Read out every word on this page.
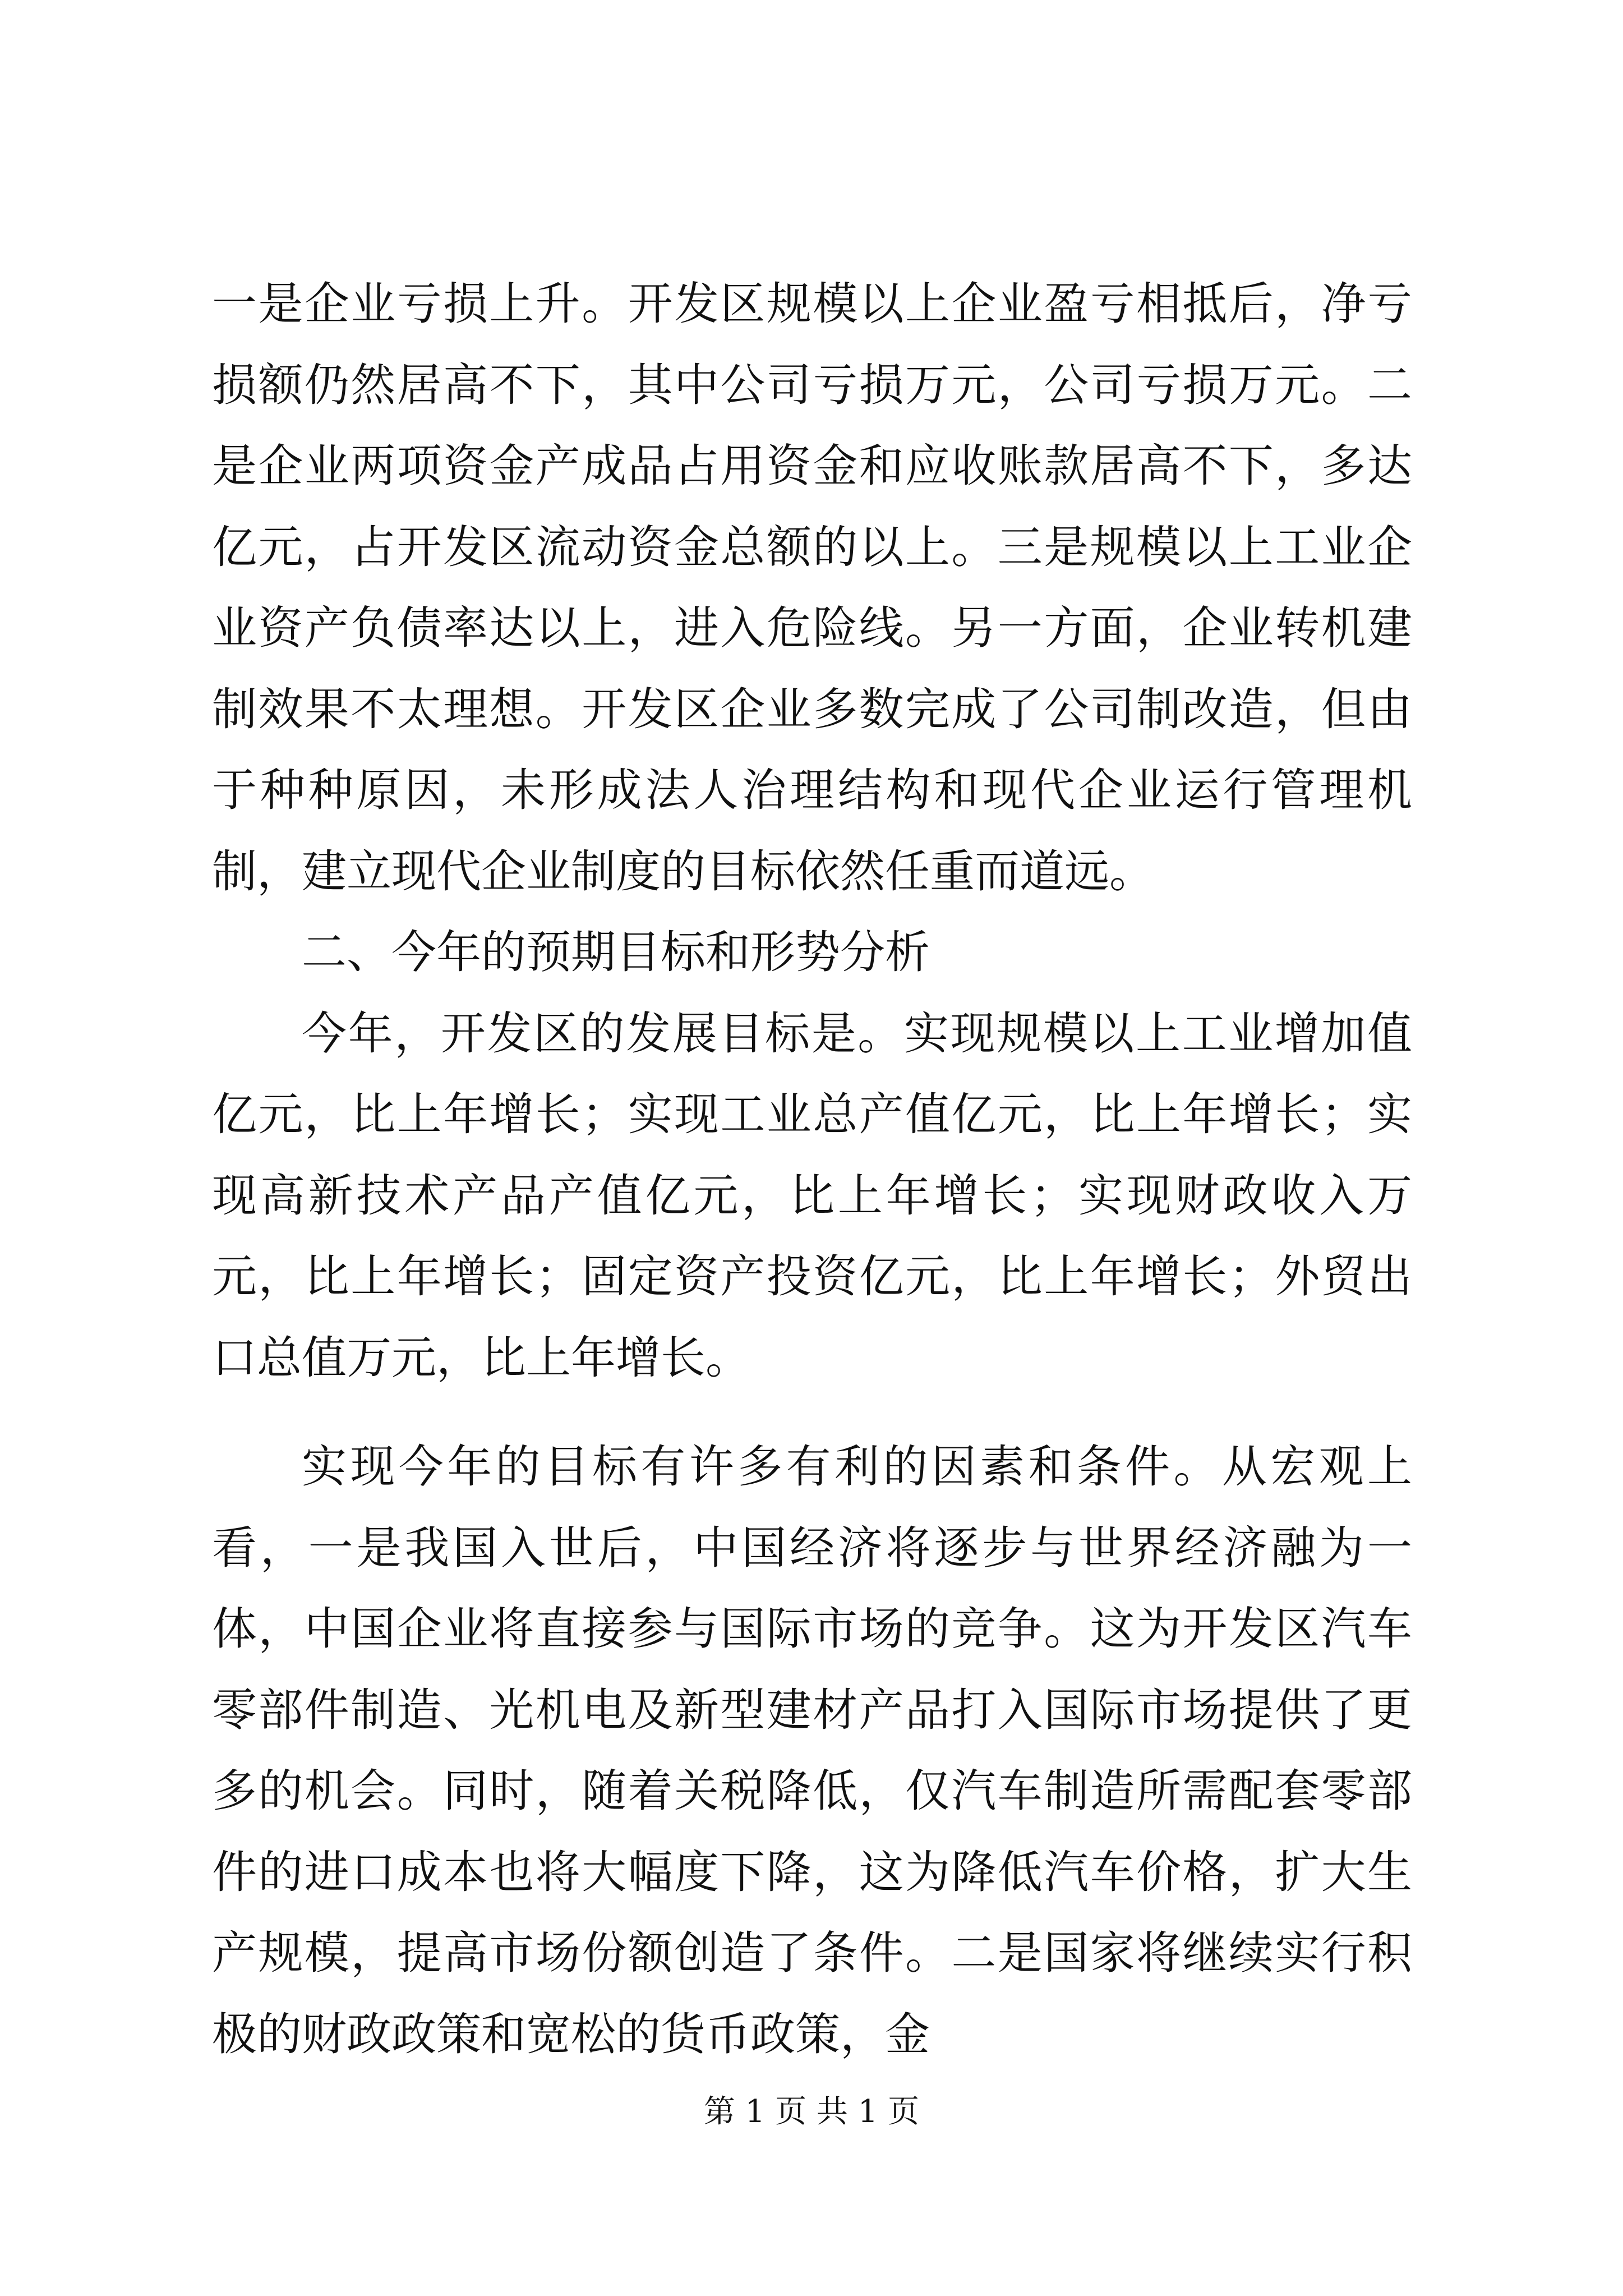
一是企业亏损上升。开发区规模以上企业盈亏相抵后，净亏损额仍然居高不下，其中公司亏损万元，公司亏损万元。二是企业两项资金产成品占用资金和应收账款居高不下，多达亿元，占开发区流动资金总额的以上。三是规模以上工业企业资产负债率达以上，进入危险线。另一方面，企业转机建制效果不太理想。开发区企业多数完成了公司制改造，但由于种种原因，未形成法人治理结构和现代企业运行管理机制，建立现代企业制度的目标依然任重而道远。

二、今年的预期目标和形势分析

今年，开发区的发展目标是。实现规模以上工业增加值亿元，比上年增长；实现工业总产值亿元，比上年增长；实现高新技术产品产值亿元，比上年增长；实现财政收入万元，比上年增长；固定资产投资亿元，比上年增长；外贸出口总值万元，比上年增长。

实现今年的目标有许多有利的因素和条件。从宏观上看，一是我国入世后，中国经济将逐步与世界经济融为一体，中国企业将直接参与国际市场的竞争。这为开发区汽车零部件制造、光机电及新型建材产品打入国际市场提供了更多的机会。同时，随着关税降低，仅汽车制造所需配套零部件的进口成本也将大幅度下降，这为降低汽车价格，扩大生产规模，提高市场份额创造了条件。二是国家将继续实行积极的财政政策和宽松的货币政策，金

第 1 页 共 1 页
